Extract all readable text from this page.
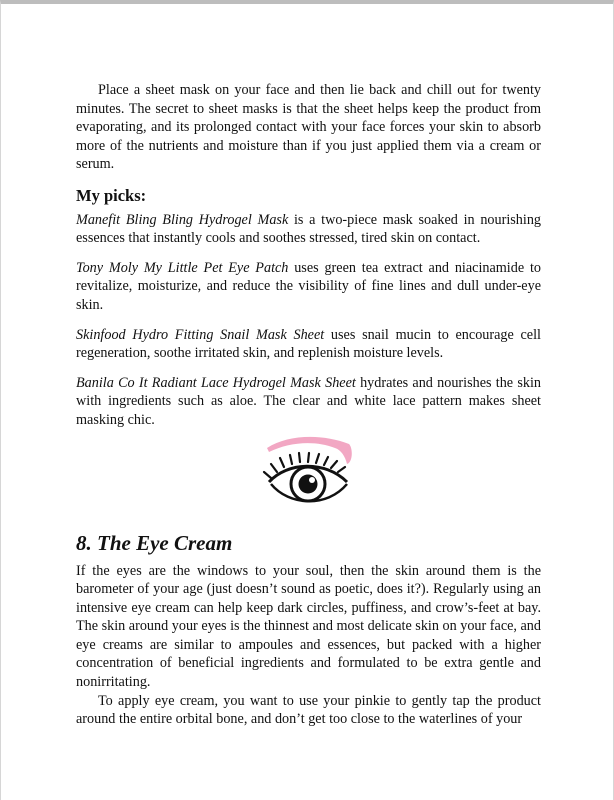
Place a sheet mask on your face and then lie back and chill out for twenty minutes. The secret to sheet masks is that the sheet helps keep the product from evaporating, and its prolonged contact with your face forces your skin to absorb more of the nutrients and moisture than if you just applied them via a cream or serum.

My picks:

Manefit Bling Bling Hydrogel Mask is a two-piece mask soaked in nourishing essences that instantly cools and soothes stressed, tired skin on contact.

Tony Moly My Little Pet Eye Patch uses green tea extract and niacinamide to revitalize, moisturize, and reduce the visibility of fine lines and dull under-eye skin.

Skinfood Hydro Fitting Snail Mask Sheet uses snail mucin to encourage cell regeneration, soothe irritated skin, and replenish moisture levels.

Banila Co It Radiant Lace Hydrogel Mask Sheet hydrates and nourishes the skin with ingredients such as aloe. The clear and white lace pattern makes sheet masking chic.

8. The Eye Cream

If the eyes are the windows to your soul, then the skin around them is the barometer of your age (just doesn’t sound as poetic, does it?). Regularly using an intensive eye cream can help keep dark circles, puffiness, and crow’s-feet at bay. The skin around your eyes is the thinnest and most delicate skin on your face, and eye creams are similar to ampoules and essences, but packed with a higher concentration of beneficial ingredients and formulated to be extra gentle and nonirritating.

To apply eye cream, you want to use your pinkie to gently tap the product around the entire orbital bone, and don’t get too close to the waterlines of your
